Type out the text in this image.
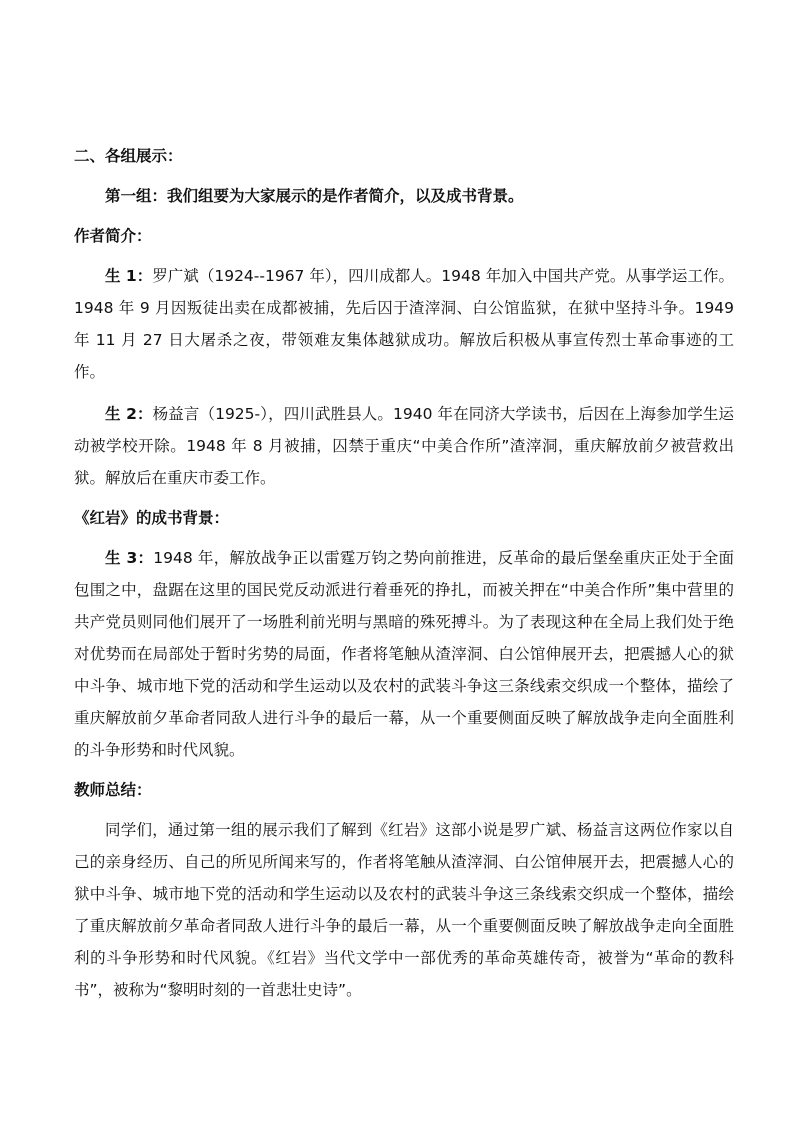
二、各组展示：

第一组：我们组要为大家展示的是作者简介，以及成书背景。

作者简介：

生 1：罗广斌（1924--1967 年），四川成都人。1948 年加入中国共产党。从事学运工作。1948 年 9 月因叛徒出卖在成都被捕，先后囚于渣滓洞、白公馆监狱，在狱中坚持斗争。1949 年 11 月 27 日大屠杀之夜，带领难友集体越狱成功。解放后积极从事宣传烈士革命事迹的工作。

生 2：杨益言（1925-），四川武胜县人。1940 年在同济大学读书，后因在上海参加学生运动被学校开除。1948 年 8 月被捕，囚禁于重庆“中美合作所”渣滓洞，重庆解放前夕被营救出狱。解放后在重庆市委工作。

《红岩》的成书背景：

生 3：1948 年，解放战争正以雷霆万钧之势向前推进，反革命的最后堡垒重庆正处于全面包围之中，盘踞在这里的国民党反动派进行着垂死的挣扎，而被关押在“中美合作所”集中营里的共产党员则同他们展开了一场胜利前光明与黑暗的殊死搏斗。为了表现这种在全局上我们处于绝对优势而在局部处于暂时劣势的局面，作者将笔触从渣滓洞、白公馆伸展开去，把震撼人心的狱中斗争、城市地下党的活动和学生运动以及农村的武装斗争这三条线索交织成一个整体，描绘了重庆解放前夕革命者同敌人进行斗争的最后一幕，从一个重要侧面反映了解放战争走向全面胜利的斗争形势和时代风貌。

教师总结：

同学们，通过第一组的展示我们了解到《红岩》这部小说是罗广斌、杨益言这两位作家以自己的亲身经历、自己的所见所闻来写的，作者将笔触从渣滓洞、白公馆伸展开去，把震撼人心的狱中斗争、城市地下党的活动和学生运动以及农村的武装斗争这三条线索交织成一个整体，描绘了重庆解放前夕革命者同敌人进行斗争的最后一幕，从一个重要侧面反映了解放战争走向全面胜利的斗争形势和时代风貌。《红岩》当代文学中一部优秀的革命英雄传奇，被誉为“革命的教科书”，被称为“黎明时刻的一首悲壮史诗”。
